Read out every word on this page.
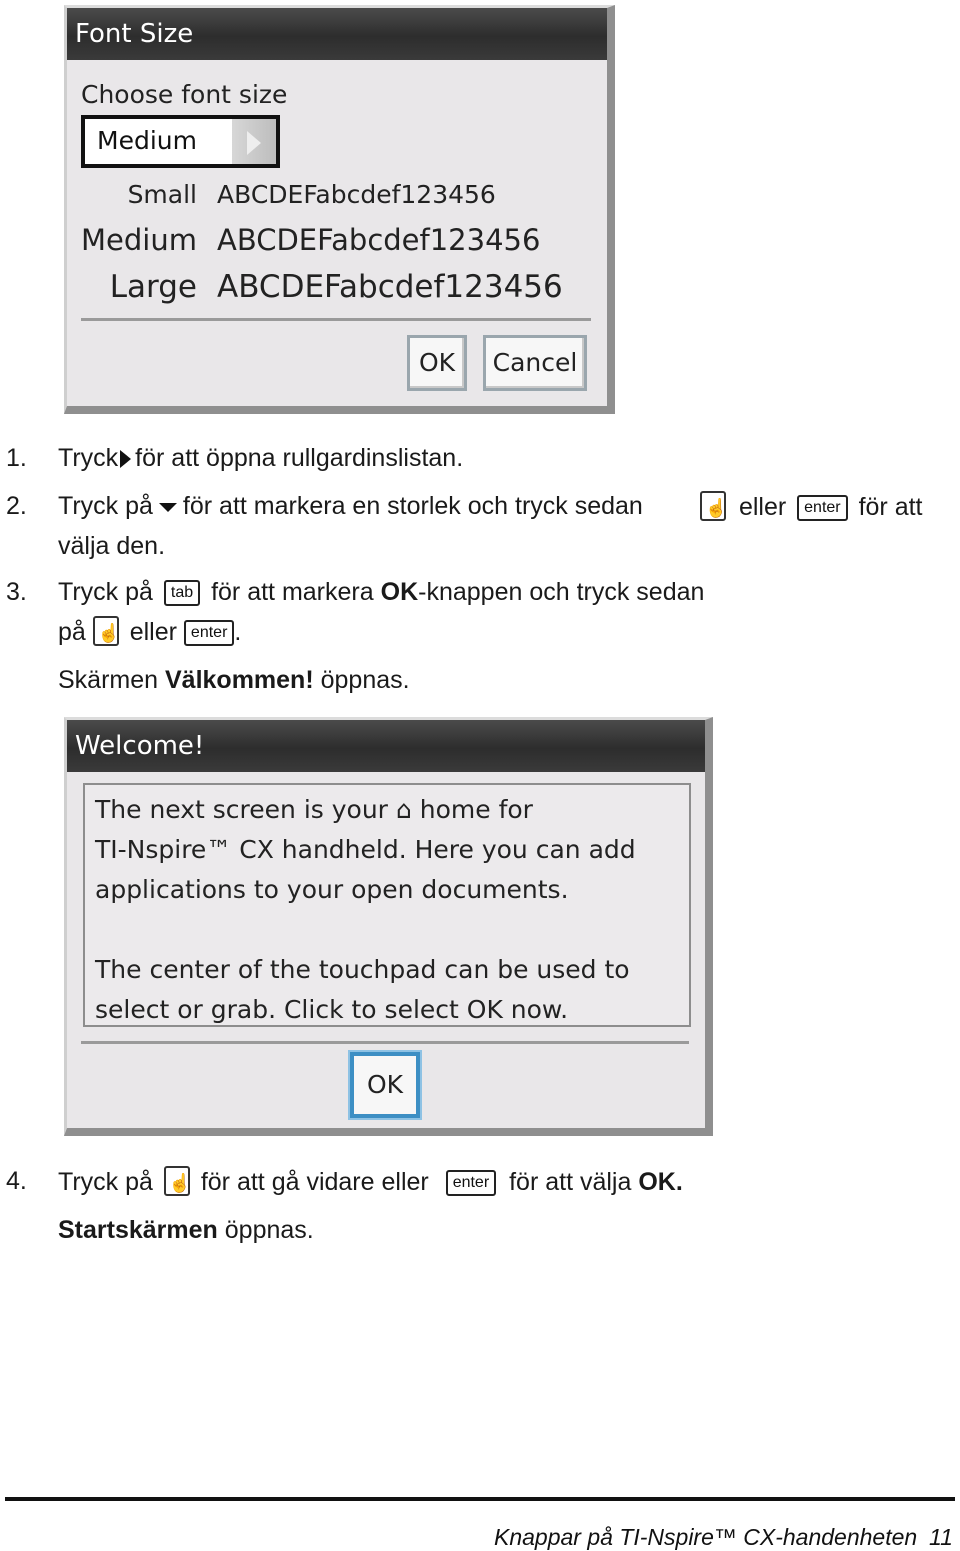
Font Size
Choose font size
Medium
Small ABCDEFabcdef123456
Medium ABCDEFabcdef123456
Large ABCDEFabcdef123456
OK	Cancel
1. Tryck för att öppna rullgardinslistan.
2. Tryck på för att markera en storlek och tryck sedan ☝	eller enter för att
välja den.
3. Tryck på tab för att markera OK-knappen och tryck sedan
på ☝ eller enter .
Skärmen Välkommen! öppnas.
Welcome!
The next screen is your ⌂ home for
TI-Nspire™ CX handheld. Here you can add
applications to your open documents.
The center of the touchpad can be used to
select or grab. Click to select OK now.
OK
4. Tryck på ☝ för att gå vidare eller enter för att välja OK.
Startskärmen öppnas.
Knappar på TI-Nspire™ CX-handenheten 11
